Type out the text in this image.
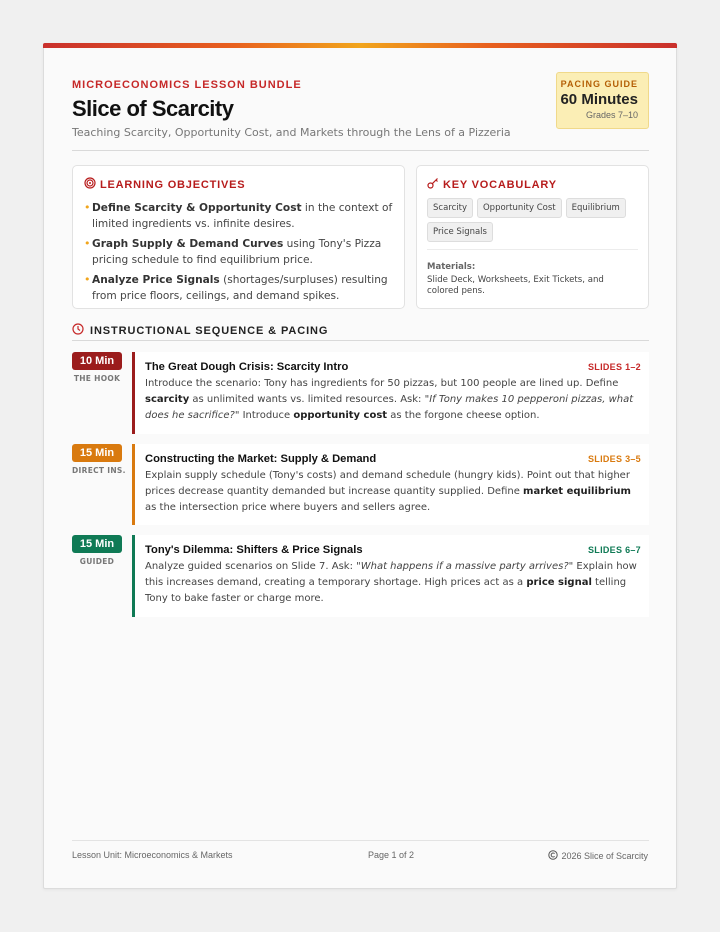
MICROECONOMICS LESSON BUNDLE
Slice of Scarcity
Teaching Scarcity, Opportunity Cost, and Markets through the Lens of a Pizzeria
PACING GUIDE
60 Minutes
Grades 7–10
LEARNING OBJECTIVES
• Define Scarcity & Opportunity Cost in the context of limited ingredients vs. infinite desires.
• Graph Supply & Demand Curves using Tony's Pizza pricing schedule to find equilibrium price.
• Analyze Price Signals (shortages/surpluses) resulting from price floors, ceilings, and demand spikes.
KEY VOCABULARY
Scarcity	Opportunity Cost	Equilibrium
Price Signals
Materials:
Slide Deck, Worksheets, Exit Tickets, and colored pens.
INSTRUCTIONAL SEQUENCE & PACING
10 Min
THE HOOK
The Great Dough Crisis: Scarcity Intro	SLIDES 1–2
Introduce the scenario: Tony has ingredients for 50 pizzas, but 100 people are lined up. Define scarcity as unlimited wants vs. limited resources. Ask: "If Tony makes 10 pepperoni pizzas, what does he sacrifice?" Introduce opportunity cost as the forgone cheese option.
15 Min
DIRECT INS.
Constructing the Market: Supply & Demand	SLIDES 3–5
Explain supply schedule (Tony's costs) and demand schedule (hungry kids). Point out that higher prices decrease quantity demanded but increase quantity supplied. Define market equilibrium as the intersection price where buyers and sellers agree.
15 Min
GUIDED
Tony's Dilemma: Shifters & Price Signals	SLIDES 6–7
Analyze guided scenarios on Slide 7. Ask: "What happens if a massive party arrives?" Explain how this increases demand, creating a temporary shortage. High prices act as a price signal telling Tony to bake faster or charge more.
Lesson Unit: Microeconomics & Markets	Page 1 of 2	2026 Slice of Scarcity
